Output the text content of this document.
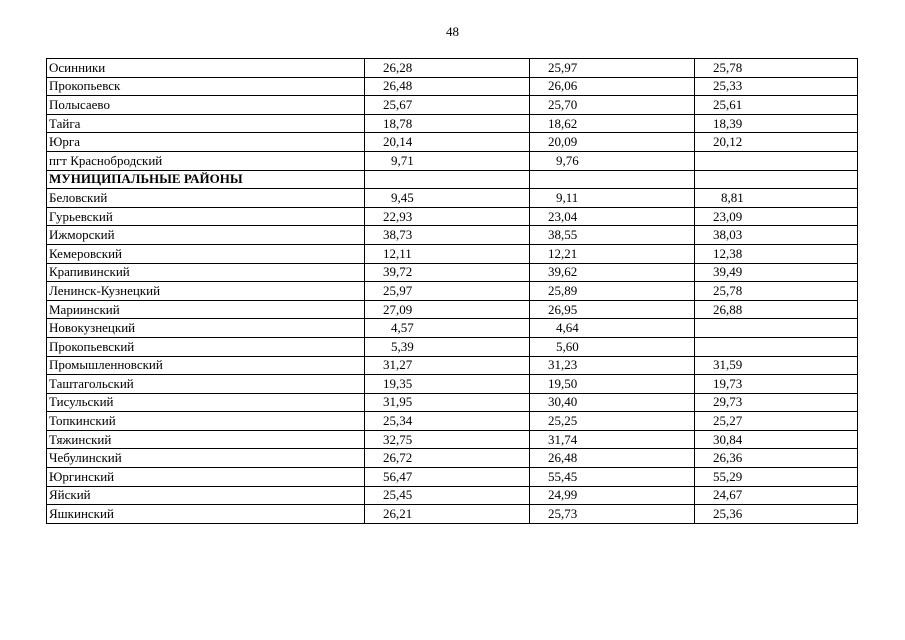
48
Осинники	26,28	25,97	25,78
Прокопьевск	26,48	26,06	25,33
Полысаево	25,67	25,70	25,61
Тайга	18,78	18,62	18,39
Юрга	20,14	20,09	20,12
пгт Краснобродский	9,71	9,76	
МУНИЦИПАЛЬНЫЕ РАЙОНЫ			
Беловский	9,45	9,11	8,81
Гурьевский	22,93	23,04	23,09
Ижморский	38,73	38,55	38,03
Кемеровский	12,11	12,21	12,38
Крапивинский	39,72	39,62	39,49
Ленинск-Кузнецкий	25,97	25,89	25,78
Мариинский	27,09	26,95	26,88
Новокузнецкий	4,57	4,64	
Прокопьевский	5,39	5,60	
Промышленновский	31,27	31,23	31,59
Таштагольский	19,35	19,50	19,73
Тисульский	31,95	30,40	29,73
Топкинский	25,34	25,25	25,27
Тяжинский	32,75	31,74	30,84
Чебулинский	26,72	26,48	26,36
Юргинский	56,47	55,45	55,29
Яйский	25,45	24,99	24,67
Яшкинский	26,21	25,73	25,36
